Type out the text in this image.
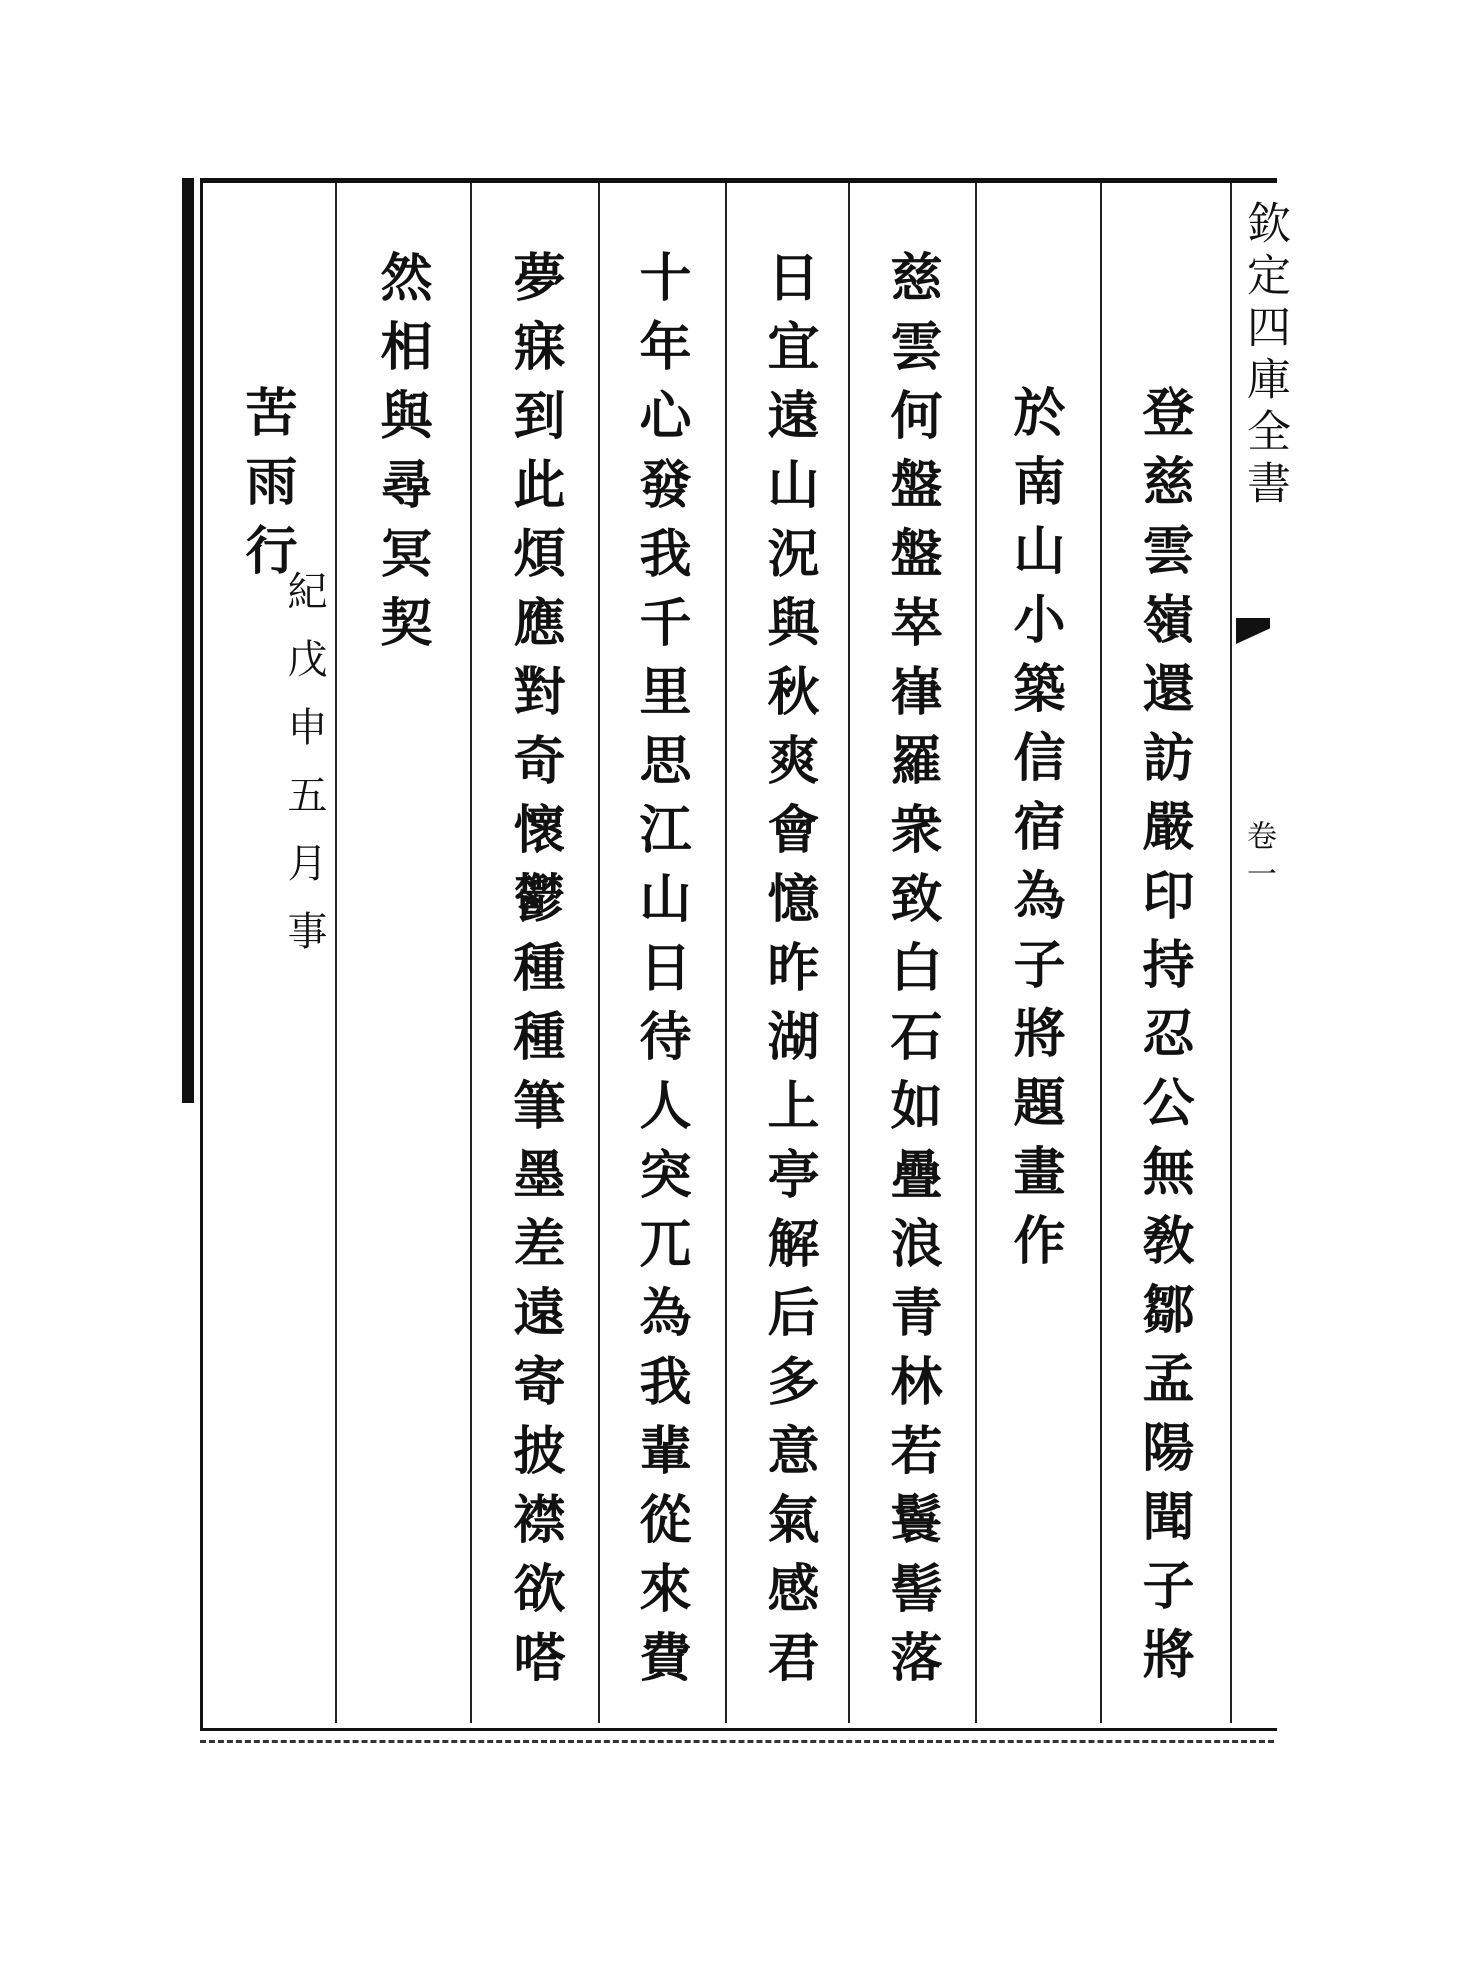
欽定四庫全書
卷一
登慈雲嶺還訪嚴印持忍公無敎鄒孟陽聞子將
於南山小築信宿為子將題畫作
慈雲何盤盤崒嵂羅衆致白石如疊浪青林若鬟髻落
日宜遠山況與秋爽會憶昨湖上亭解后多意氣感君
十年心發我千里思江山日待人突兀為我輩從來費
夢寐到此煩應對奇懷鬱種種筆墨差遠寄披襟欲嗒
然相與尋冥契
苦雨行
紀戊申五月事
